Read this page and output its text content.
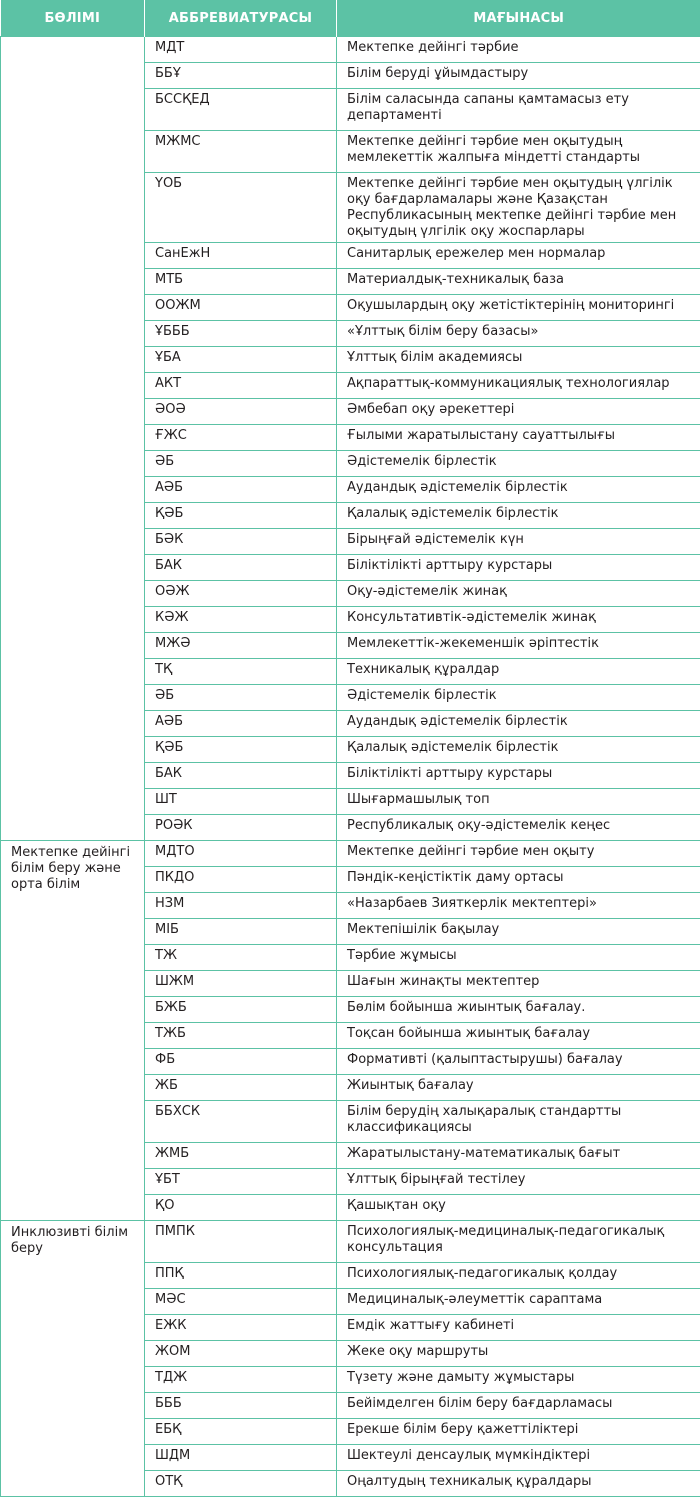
БӨЛІМІ	АББРЕВИАТУРАСЫ	МАҒЫНАСЫ
	МДТ	Мектепке дейінгі тәрбие
	ББҰ	Білім беруді ұйымдастыру
	БССҚЕД	Білім саласында сапаны қамтамасыз ету департаменті
	МЖМС	Мектепке дейінгі тәрбие мен оқытудың мемлекеттік жалпыға міндетті стандарты
	ҮОБ	Мектепке дейінгі тәрбие мен оқытудың үлгілік оқу бағдарламалары және Қазақстан Республикасының мектепке дейінгі тәрбие мен оқытудың үлгілік оқу жоспарлары
	СанЕжН	Санитарлық ережелер мен нормалар
	МТБ	Материалдық-техникалық база
	ООЖМ	Оқушылардың оқу жетістіктерінің мониторингі
	ҰБББ	«Ұлттық білім беру базасы»
	ҰБА	Ұлттық білім академиясы
	АКТ	Ақпараттық-коммуникациялық технологиялар
	ӘОӘ	Әмбебап оқу әрекеттері
	ҒЖС	Ғылыми жаратылыстану сауаттылығы
	ӘБ	Әдістемелік бірлестік
	АӘБ	Аудандық әдістемелік бірлестік
	ҚӘБ	Қалалық әдістемелік бірлестік
	БӘК	Бірыңғай әдістемелік күн
	БАК	Біліктілікті арттыру курстары
	ОӘЖ	Оқу-әдістемелік жинақ
	КӘЖ	Консультативтік-әдістемелік жинақ
	МЖӘ	Мемлекеттік-жекеменшік әріптестік
	ТҚ	Техникалық құралдар
	ӘБ	Әдістемелік бірлестік
	АӘБ	Аудандық әдістемелік бірлестік
	ҚӘБ	Қалалық әдістемелік бірлестік
	БАК	Біліктілікті арттыру курстары
	ШТ	Шығармашылық топ
	РОӘК	Республикалық оқу-әдістемелік кеңес
Мектепке дейінгі білім беру және орта білім	МДТО	Мектепке дейінгі тәрбие мен оқыту
	ПКДО	Пәндік-кеңістіктік даму ортасы
	НЗМ	«Назарбаев Зияткерлік мектептері»
	МІБ	Мектепішілік бақылау
	ТЖ	Тәрбие жұмысы
	ШЖМ	Шағын жинақты мектептер
	БЖБ	Бөлім бойынша жиынтық бағалау.
	ТЖБ	Тоқсан бойынша жиынтық бағалау
	ФБ	Формативті (қалыптастырушы) бағалау
	ЖБ	Жиынтық бағалау
	ББХСК	Білім берудің халықаралық стандартты классификациясы
	ЖМБ	Жаратылыстану-математикалық бағыт
	ҰБТ	Ұлттық бірыңғай тестілеу
	ҚО	Қашықтан оқу
Инклюзивті білім беру	ПМПК	Психологиялық-медициналық-педагогикалық консультация
	ППҚ	Психологиялық-педагогикалық қолдау
	МӘС	Медициналық-әлеуметтік сараптама
	ЕЖК	Емдік жаттығу кабинеті
	ЖОМ	Жеке оқу маршруты
	ТДЖ	Түзету және дамыту жұмыстары
	БББ	Бейімделген білім беру бағдарламасы
	ЕБҚ	Ерекше білім беру қажеттіліктері
	ШДМ	Шектеулі денсаулық мүмкіндіктері
	ОТҚ	Оңалтудың техникалық құралдары
